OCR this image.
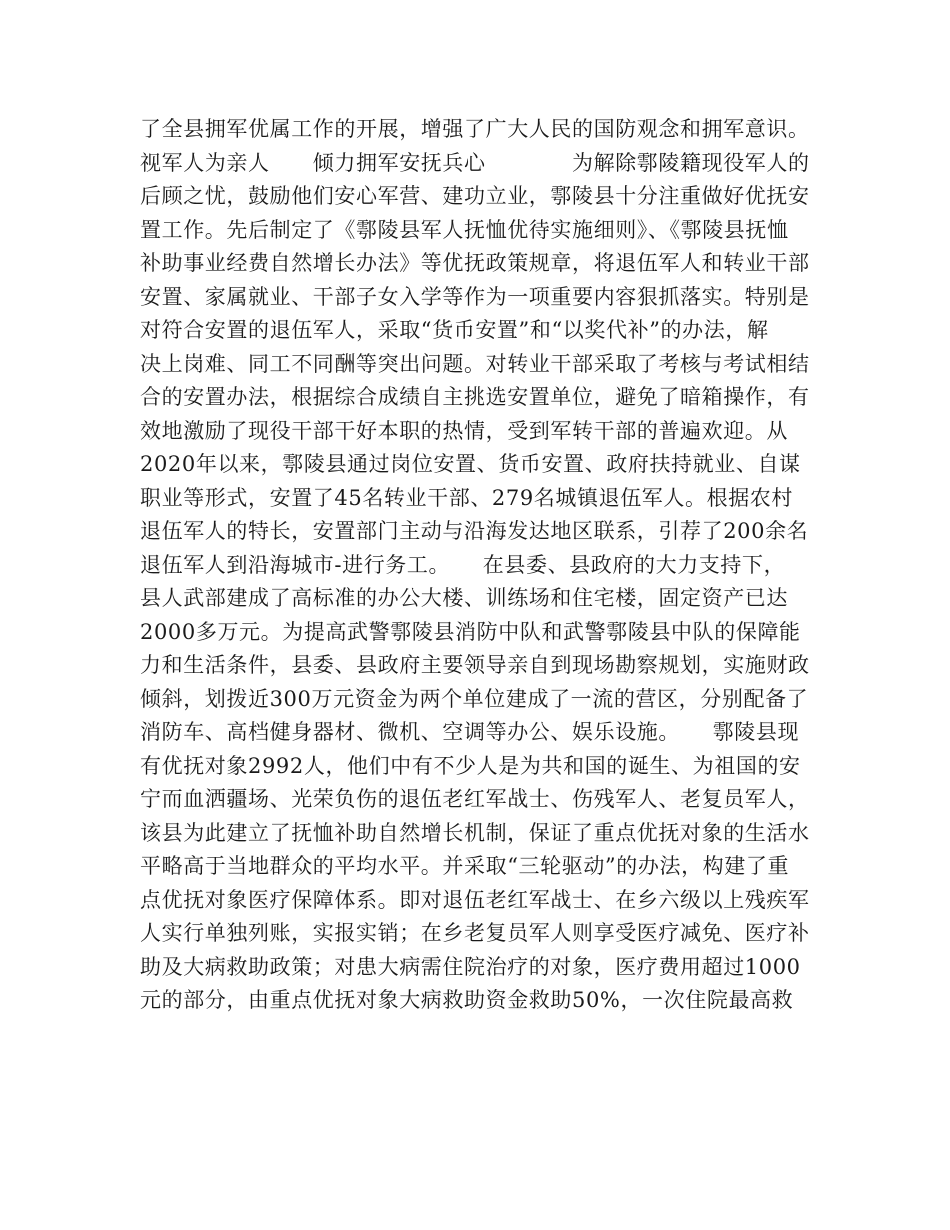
了全县拥军优属工作的开展，增强了广大人民的国防观念和拥军意识。
视军人为亲人　　倾力拥军安抚兵心　　　　为解除鄠陵籍现役军人的
后顾之忧，鼓励他们安心军营、建功立业，鄠陵县十分注重做好优抚安
置工作。先后制定了《鄠陵县军人抚恤优待实施细则》、《鄠陵县抚恤
补助事业经费自然增长办法》等优抚政策规章，将退伍军人和转业干部
安置、家属就业、干部子女入学等作为一项重要内容狠抓落实。特别是
对符合安置的退伍军人，采取“货币安置”和“以奖代补”的办法，解
决上岗难、同工不同酬等突出问题。对转业干部采取了考核与考试相结
合的安置办法，根据综合成绩自主挑选安置单位，避免了暗箱操作，有
效地激励了现役干部干好本职的热情，受到军转干部的普遍欢迎。从
2020年以来，鄠陵县通过岗位安置、货币安置、政府扶持就业、自谋
职业等形式，安置了45名转业干部、279名城镇退伍军人。根据农村
退伍军人的特长，安置部门主动与沿海发达地区联系，引荐了200余名
退伍军人到沿海城市-进行务工。　　在县委、县政府的大力支持下，
县人武部建成了高标准的办公大楼、训练场和住宅楼，固定资产已达
2000多万元。为提高武警鄠陵县消防中队和武警鄠陵县中队的保障能
力和生活条件，县委、县政府主要领导亲自到现场勘察规划，实施财政
倾斜，划拨近300万元资金为两个单位建成了一流的营区，分别配备了
消防车、高档健身器材、微机、空调等办公、娱乐设施。　　鄠陵县现
有优抚对象2992人，他们中有不少人是为共和国的诞生、为祖国的安
宁而血洒疆场、光荣负伤的退伍老红军战士、伤残军人、老复员军人，
该县为此建立了抚恤补助自然增长机制，保证了重点优抚对象的生活水
平略高于当地群众的平均水平。并采取“三轮驱动”的办法，构建了重
点优抚对象医疗保障体系。即对退伍老红军战士、在乡六级以上残疾军
人实行单独列账，实报实销；在乡老复员军人则享受医疗减免、医疗补
助及大病救助政策；对患大病需住院治疗的对象，医疗费用超过1000
元的部分，由重点优抚对象大病救助资金救助50%，一次住院最高救
